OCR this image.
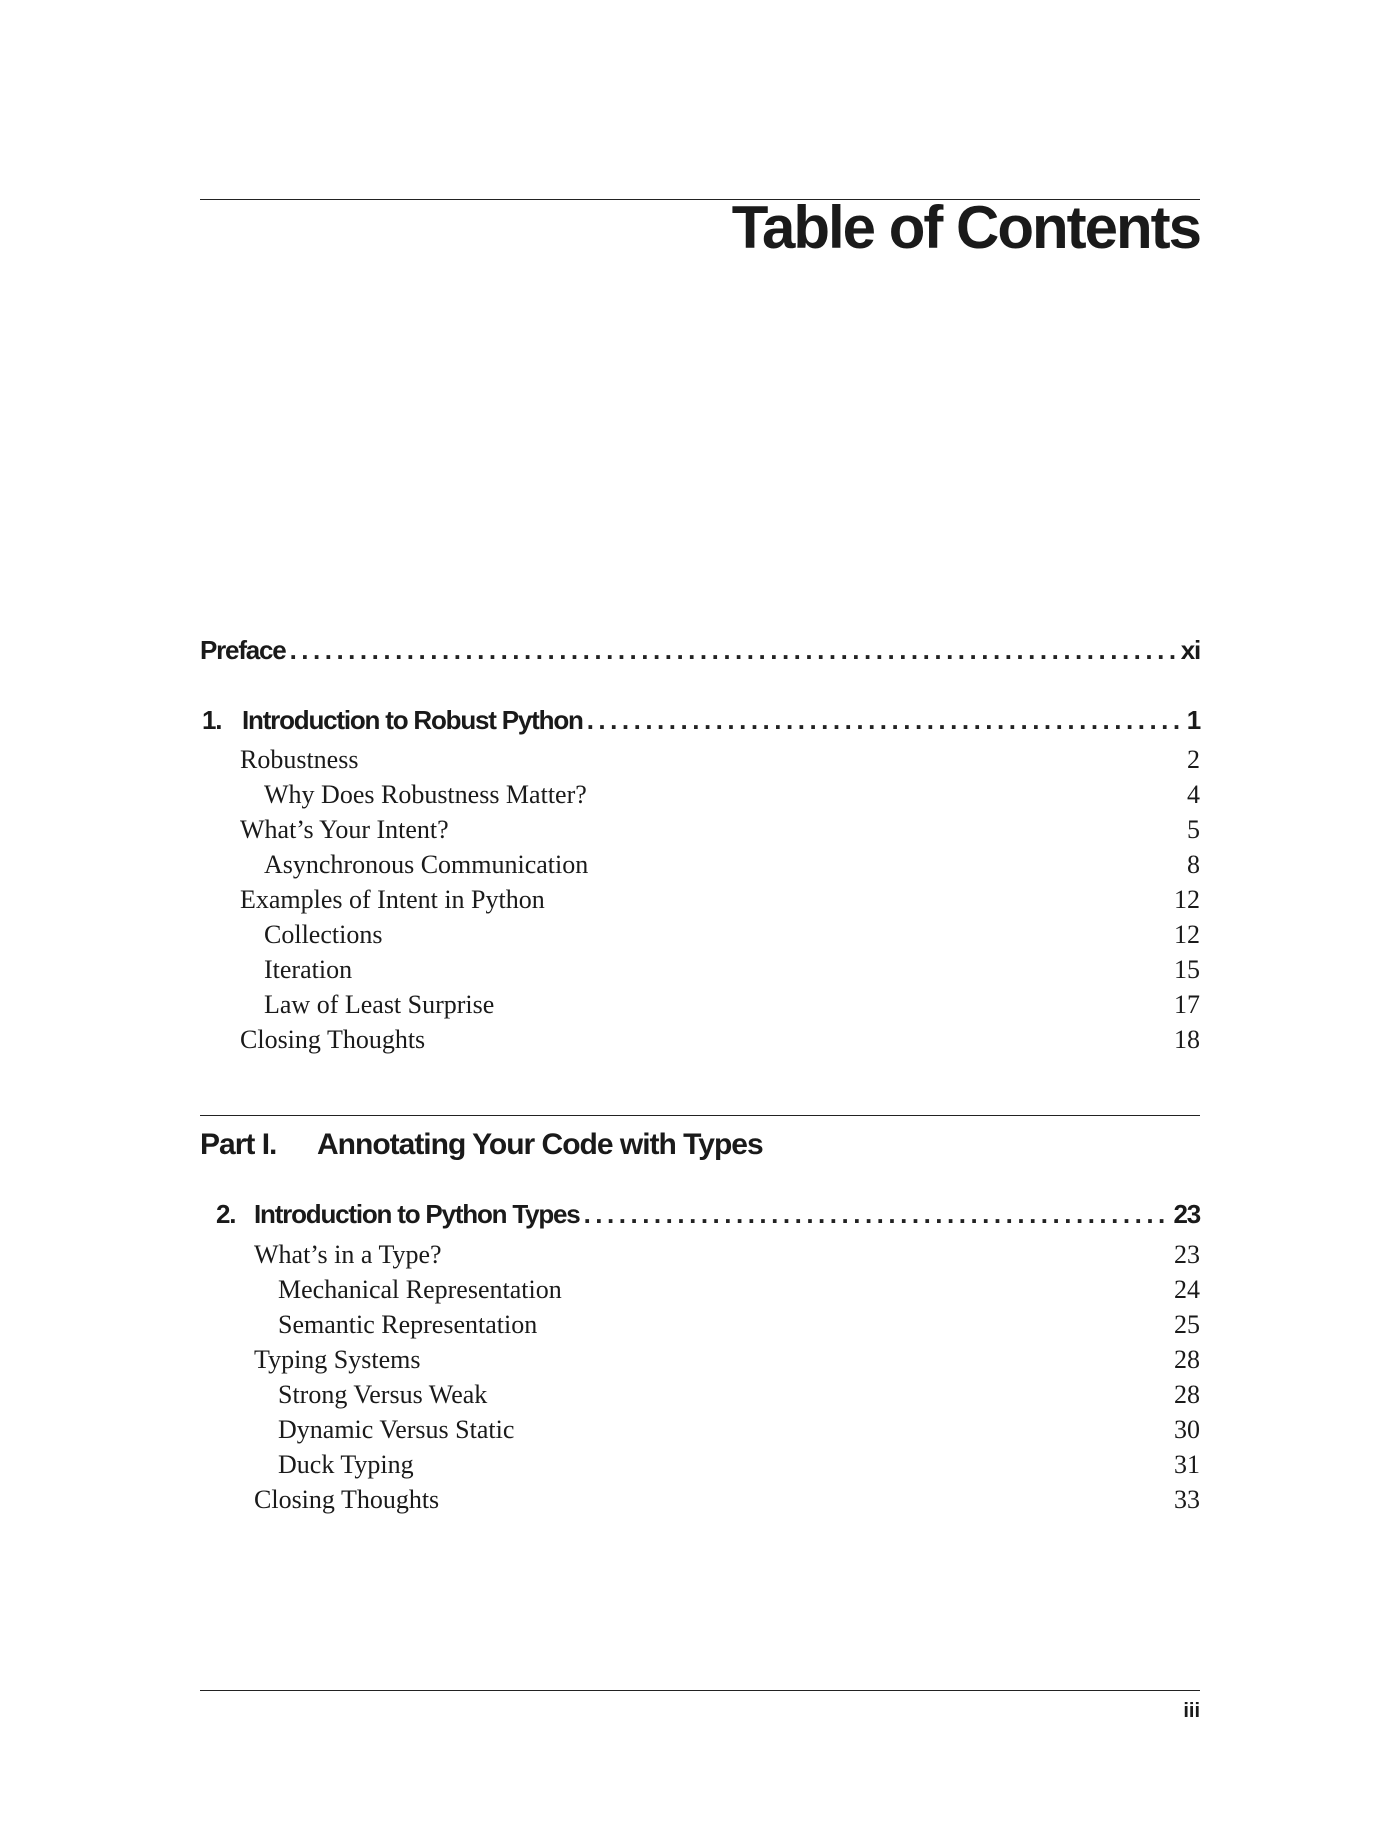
Table of Contents
Preface .....	xi
1. Introduction to Robust Python .....	1
Robustness	2
Why Does Robustness Matter?	4
What’s Your Intent?	5
Asynchronous Communication	8
Examples of Intent in Python	12
Collections	12
Iteration	15
Law of Least Surprise	17
Closing Thoughts	18
Part I. Annotating Your Code with Types
2. Introduction to Python Types .....	23
What’s in a Type?	23
Mechanical Representation	24
Semantic Representation	25
Typing Systems	28
Strong Versus Weak	28
Dynamic Versus Static	30
Duck Typing	31
Closing Thoughts	33
iii
